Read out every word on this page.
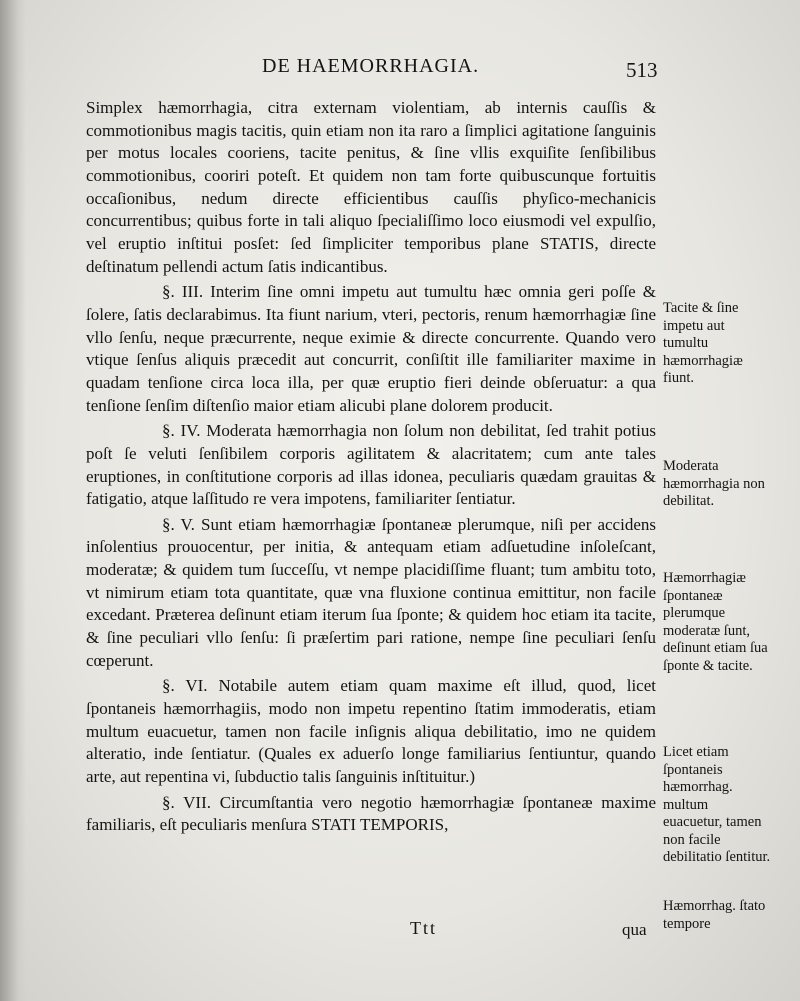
DE HAEMORRHAGIA.	513

Simplex hæmorrhagia, citra externam violentiam, ab internis cauſſis & commotionibus magis tacitis, quin etiam non ita raro a ſimplici agitatione ſanguinis per motus locales cooriens, tacite penitus, & ſine vllis exquiſite ſenſibilibus commotionibus, cooriri poteſt. Et quidem non tam forte quibuscunque fortuitis occaſionibus, nedum directe efficientibus cauſſis phyſico-mechanicis concurrentibus; quibus forte in tali aliquo ſpecialiſſimo loco eiusmodi vel expulſio, vel eruptio inſtitui posſet: ſed ſimpliciter temporibus plane STATIS, directe deſtinatum pellendi actum ſatis indicantibus.

§. III. Interim ſine omni impetu aut tumultu hæc omnia geri poſſe & ſolere, ſatis declarabimus. Ita fiunt narium, vteri, pectoris, renum hæmorrhagiæ ſine vllo ſenſu, neque præcurrente, neque eximie & directe concurrente. Quando vero vtique ſenſus aliquis præcedit aut concurrit, conſiſtit ille familiariter maxime in quadam tenſione circa loca illa, per quæ eruptio fieri deinde obſeruatur: a qua tenſione ſenſim diſtenſio maior etiam alicubi plane dolorem producit.

§. IV. Moderata hæmorrhagia non ſolum non debilitat, ſed trahit potius poſt ſe veluti ſenſibilem corporis agilitatem & alacritatem; cum ante tales eruptiones, in conſtitutione corporis ad illas idonea, peculiaris quædam grauitas & fatigatio, atque laſſitudo re vera impotens, familiariter ſentiatur.

§. V. Sunt etiam hæmorrhagiæ ſpontaneæ plerumque, niſi per accidens inſolentius prouocentur, per initia, & antequam etiam adſuetudine inſoleſcant, moderatæ; & quidem tum ſucceſſu, vt nempe placidiſſime fluant; tum ambitu toto, vt nimirum etiam tota quantitate, quæ vna fluxione continua emittitur, non facile excedant. Præterea deſinunt etiam iterum ſua ſponte; & quidem hoc etiam ita tacite, & ſine peculiari vllo ſenſu: ſi præſertim pari ratione, nempe ſine peculiari ſenſu cœperunt.

§. VI. Notabile autem etiam quam maxime eſt illud, quod, licet ſpontaneis hæmorrhagiis, modo non impetu repentino ſtatim immoderatis, etiam multum euacuetur, tamen non facile inſignis aliqua debilitatio, imo ne quidem alteratio, inde ſentiatur. (Quales ex aduerſo longe familiarius ſentiuntur, quando arte, aut repentina vi, ſubductio talis ſanguinis inſtituitur.)

§. VII. Circumſtantia vero negotio hæmorrhagiæ ſpontaneæ maxime familiaris, eſt peculiaris menſura STATI TEMPORIS,

Tacite & ſine impetu aut tumultu hæmorrhagiæ fiunt.
Moderata hæmorrhagia non debilitat.
Hæmorrhagiæ ſpontaneæ plerumque moderatæ ſunt, deſinunt etiam ſua ſponte & tacite.
Licet etiam ſpontaneis hæmorrhag. multum euacuetur, tamen non facile debilitatio ſentitur.
Hæmorrhag. ſtato tempore
Ttt	qua
